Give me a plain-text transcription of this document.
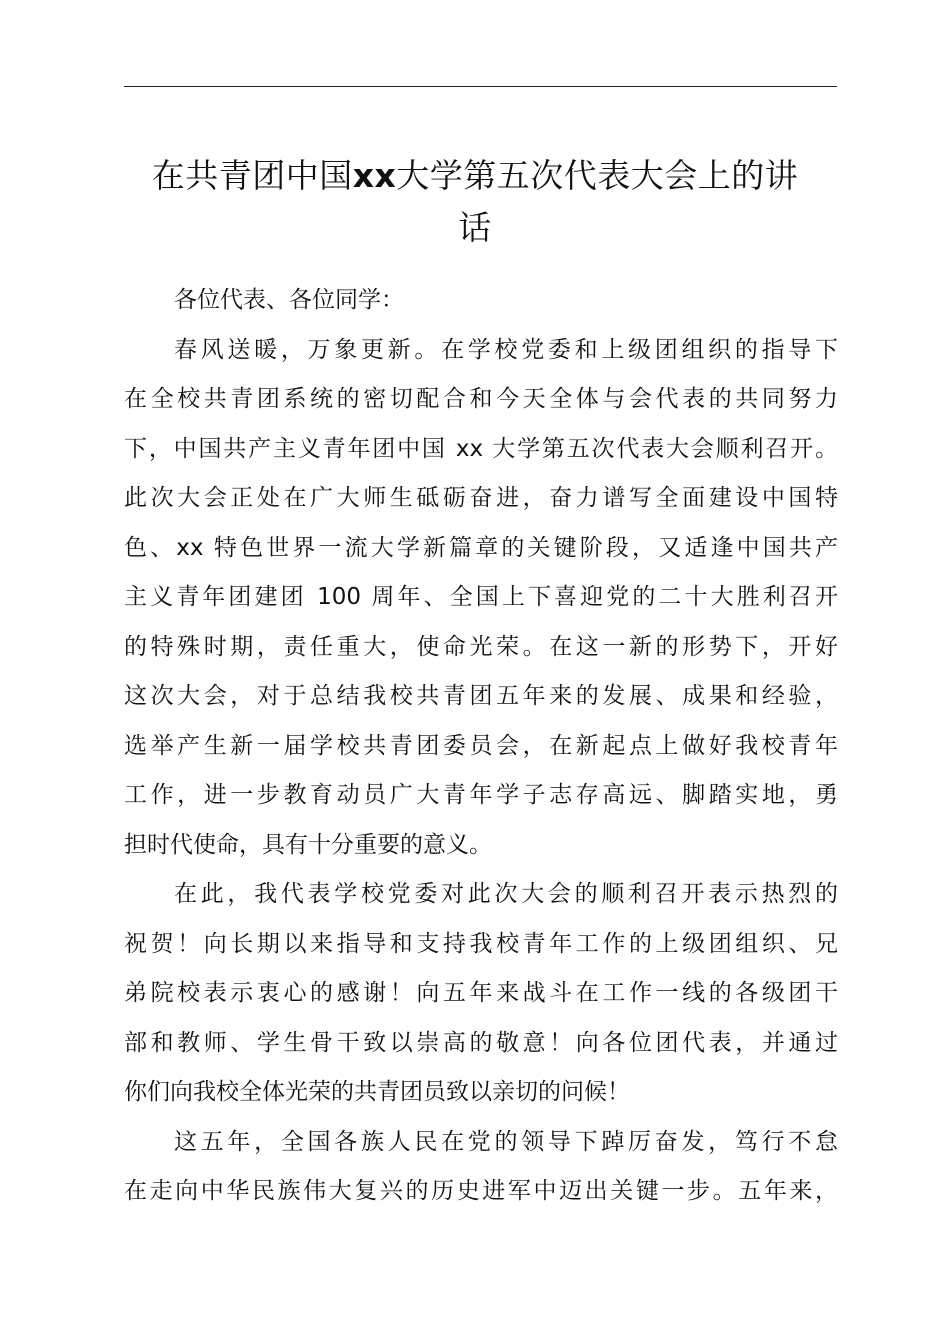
在共青团中国xx大学第五次代表大会上的讲
话
各位代表、各位同学：
春风送暖，万象更新。在学校党委和上级团组织的指导下
在全校共青团系统的密切配合和今天全体与会代表的共同努力
下，中国共产主义青年团中国 xx 大学第五次代表大会顺利召开。
此次大会正处在广大师生砥砺奋进，奋力谱写全面建设中国特
色、xx 特色世界一流大学新篇章的关键阶段，又适逢中国共产
主义青年团建团 100 周年、全国上下喜迎党的二十大胜利召开
的特殊时期，责任重大，使命光荣。在这一新的形势下，开好
这次大会，对于总结我校共青团五年来的发展、成果和经验，
选举产生新一届学校共青团委员会，在新起点上做好我校青年
工作，进一步教育动员广大青年学子志存高远、脚踏实地，勇
担时代使命，具有十分重要的意义。
在此，我代表学校党委对此次大会的顺利召开表示热烈的
祝贺！向长期以来指导和支持我校青年工作的上级团组织、兄
弟院校表示衷心的感谢！向五年来战斗在工作一线的各级团干
部和教师、学生骨干致以崇高的敬意！向各位团代表，并通过
你们向我校全体光荣的共青团员致以亲切的问候！
这五年，全国各族人民在党的领导下踔厉奋发，笃行不怠
在走向中华民族伟大复兴的历史进军中迈出关键一步。五年来，
